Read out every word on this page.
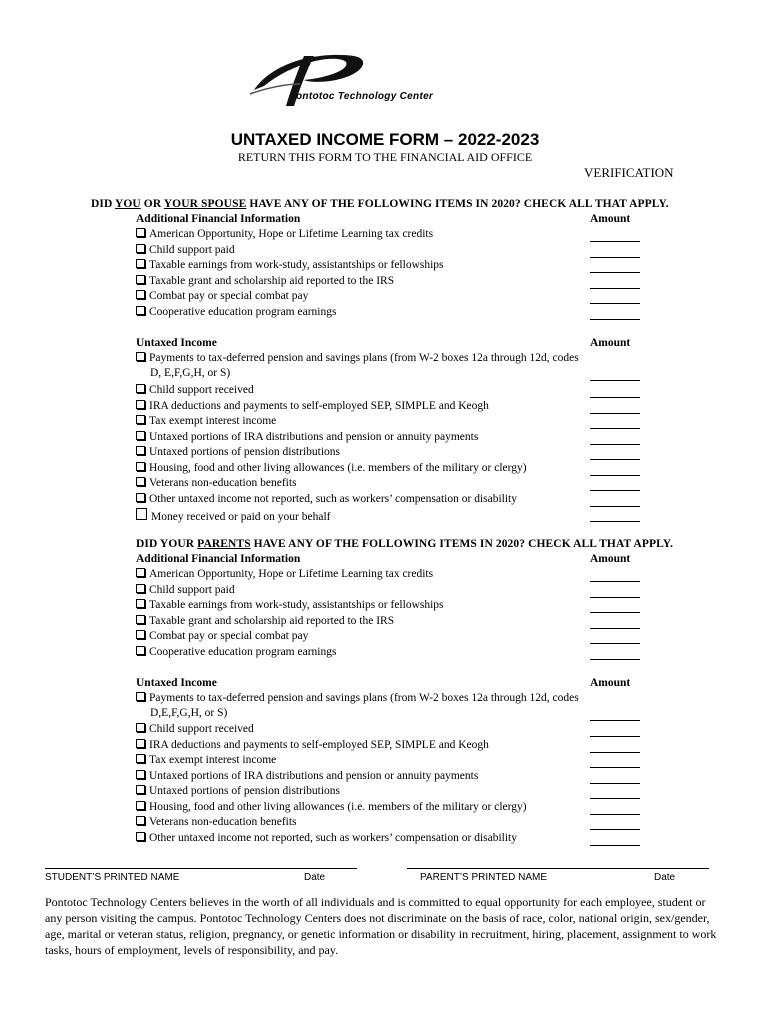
ontotoc Technology Center
UNTAXED INCOME FORM – 2022-2023
RETURN THIS FORM TO THE FINANCIAL AID OFFICE
VERIFICATION
DID YOU OR YOUR SPOUSE HAVE ANY OF THE FOLLOWING ITEMS IN 2020? CHECK ALL THAT APPLY.
Additional Financial Information	Amount
American Opportunity, Hope or Lifetime Learning tax credits
Child support paid
Taxable earnings from work-study, assistantships or fellowships
Taxable grant and scholarship aid reported to the IRS
Combat pay or special combat pay
Cooperative education program earnings
Untaxed Income	Amount
Payments to tax-deferred pension and savings plans (from W-2 boxes 12a through 12d, codes
D, E,F,G,H, or S)
Child support received
IRA deductions and payments to self-employed SEP, SIMPLE and Keogh
Tax exempt interest income
Untaxed portions of IRA distributions and pension or annuity payments
Untaxed portions of pension distributions
Housing, food and other living allowances (i.e. members of the military or clergy)
Veterans non-education benefits
Other untaxed income not reported, such as workers’ compensation or disability
Money received or paid on your behalf
DID YOUR PARENTS HAVE ANY OF THE FOLLOWING ITEMS IN 2020? CHECK ALL THAT APPLY.
Additional Financial Information	Amount
American Opportunity, Hope or Lifetime Learning tax credits
Child support paid
Taxable earnings from work-study, assistantships or fellowships
Taxable grant and scholarship aid reported to the IRS
Combat pay or special combat pay
Cooperative education program earnings
Untaxed Income	Amount
Payments to tax-deferred pension and savings plans (from W-2 boxes 12a through 12d, codes
D,E,F,G,H, or S)
Child support received
IRA deductions and payments to self-employed SEP, SIMPLE and Keogh
Tax exempt interest income
Untaxed portions of IRA distributions and pension or annuity payments
Untaxed portions of pension distributions
Housing, food and other living allowances (i.e. members of the military or clergy)
Veterans non-education benefits
Other untaxed income not reported, such as workers’ compensation or disability
STUDENT’S PRINTED NAME	Date	PARENT’S PRINTED NAME	Date
Pontotoc Technology Centers believes in the worth of all individuals and is committed to equal opportunity for each employee, student or any person visiting the campus. Pontotoc Technology Centers does not discriminate on the basis of race, color, national origin, sex/gender, age, marital or veteran status, religion, pregnancy, or genetic information or disability in recruitment, hiring, placement, assignment to work tasks, hours of employment, levels of responsibility, and pay.
